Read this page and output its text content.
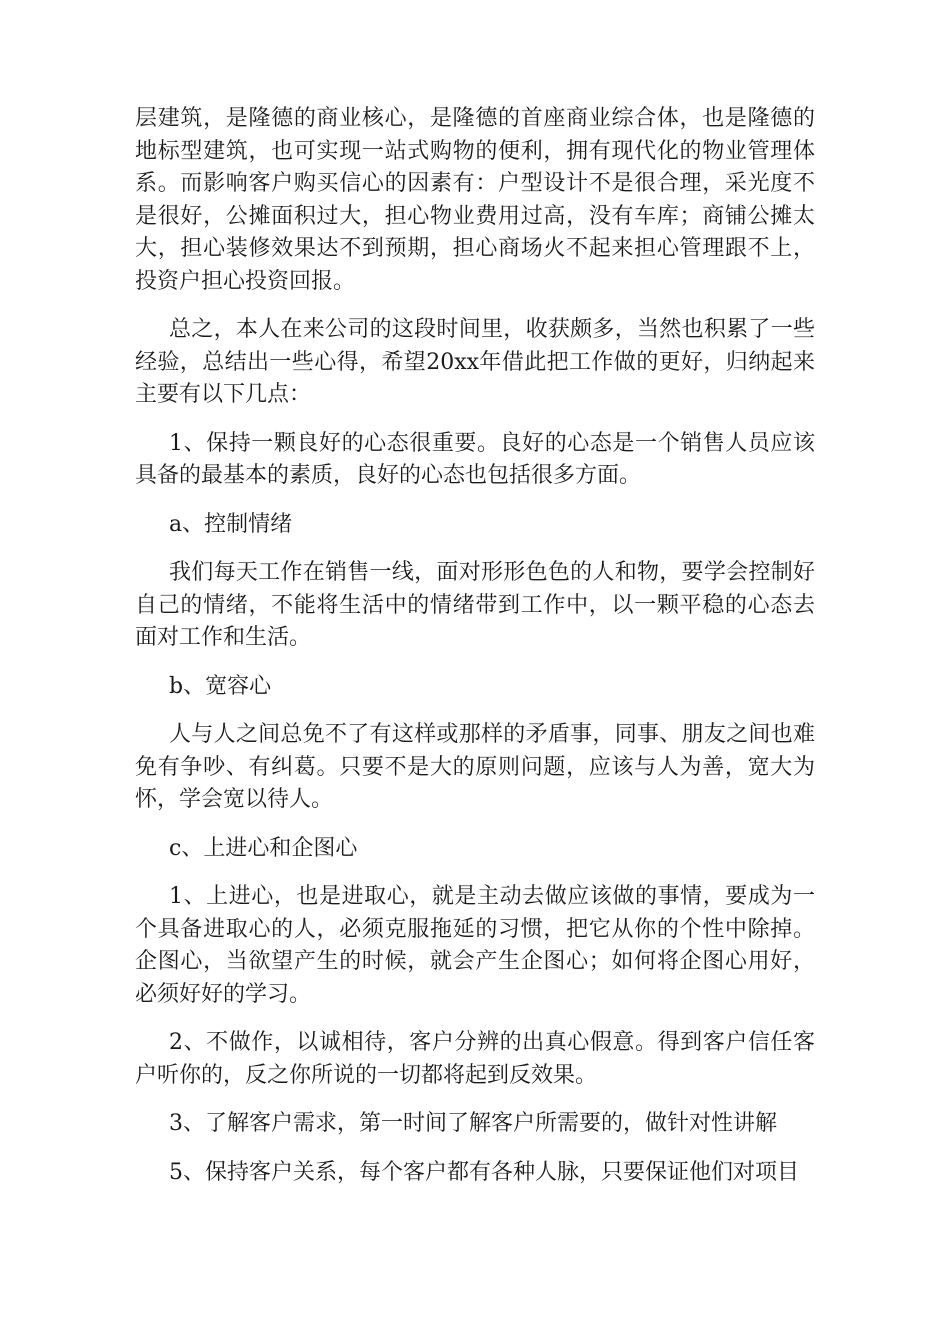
层建筑，是隆德的商业核心，是隆德的首座商业综合体，也是隆德的地标型建筑，也可实现一站式购物的便利，拥有现代化的物业管理体系。而影响客户购买信心的因素有：户型设计不是很合理，采光度不是很好，公摊面积过大，担心物业费用过高，没有车库；商铺公摊太大，担心装修效果达不到预期，担心商场火不起来担心管理跟不上，投资户担心投资回报。

总之，本人在来公司的这段时间里，收获颇多，当然也积累了一些经验，总结出一些心得，希望20xx年借此把工作做的更好，归纳起来主要有以下几点：

1、保持一颗良好的心态很重要。良好的心态是一个销售人员应该具备的最基本的素质，良好的心态也包括很多方面。

a、控制情绪

我们每天工作在销售一线，面对形形色色的人和物，要学会控制好自己的情绪，不能将生活中的情绪带到工作中，以一颗平稳的心态去面对工作和生活。

b、宽容心

人与人之间总免不了有这样或那样的矛盾事，同事、朋友之间也难免有争吵、有纠葛。只要不是大的原则问题，应该与人为善，宽大为怀，学会宽以待人。

c、上进心和企图心

1、上进心，也是进取心，就是主动去做应该做的事情，要成为一个具备进取心的人，必须克服拖延的习惯，把它从你的个性中除掉。企图心，当欲望产生的时候，就会产生企图心；如何将企图心用好，必须好好的学习。

2、不做作，以诚相待，客户分辨的出真心假意。得到客户信任客户听你的，反之你所说的一切都将起到反效果。

3、了解客户需求，第一时间了解客户所需要的，做针对性讲解

5、保持客户关系，每个客户都有各种人脉，只要保证他们对项目
